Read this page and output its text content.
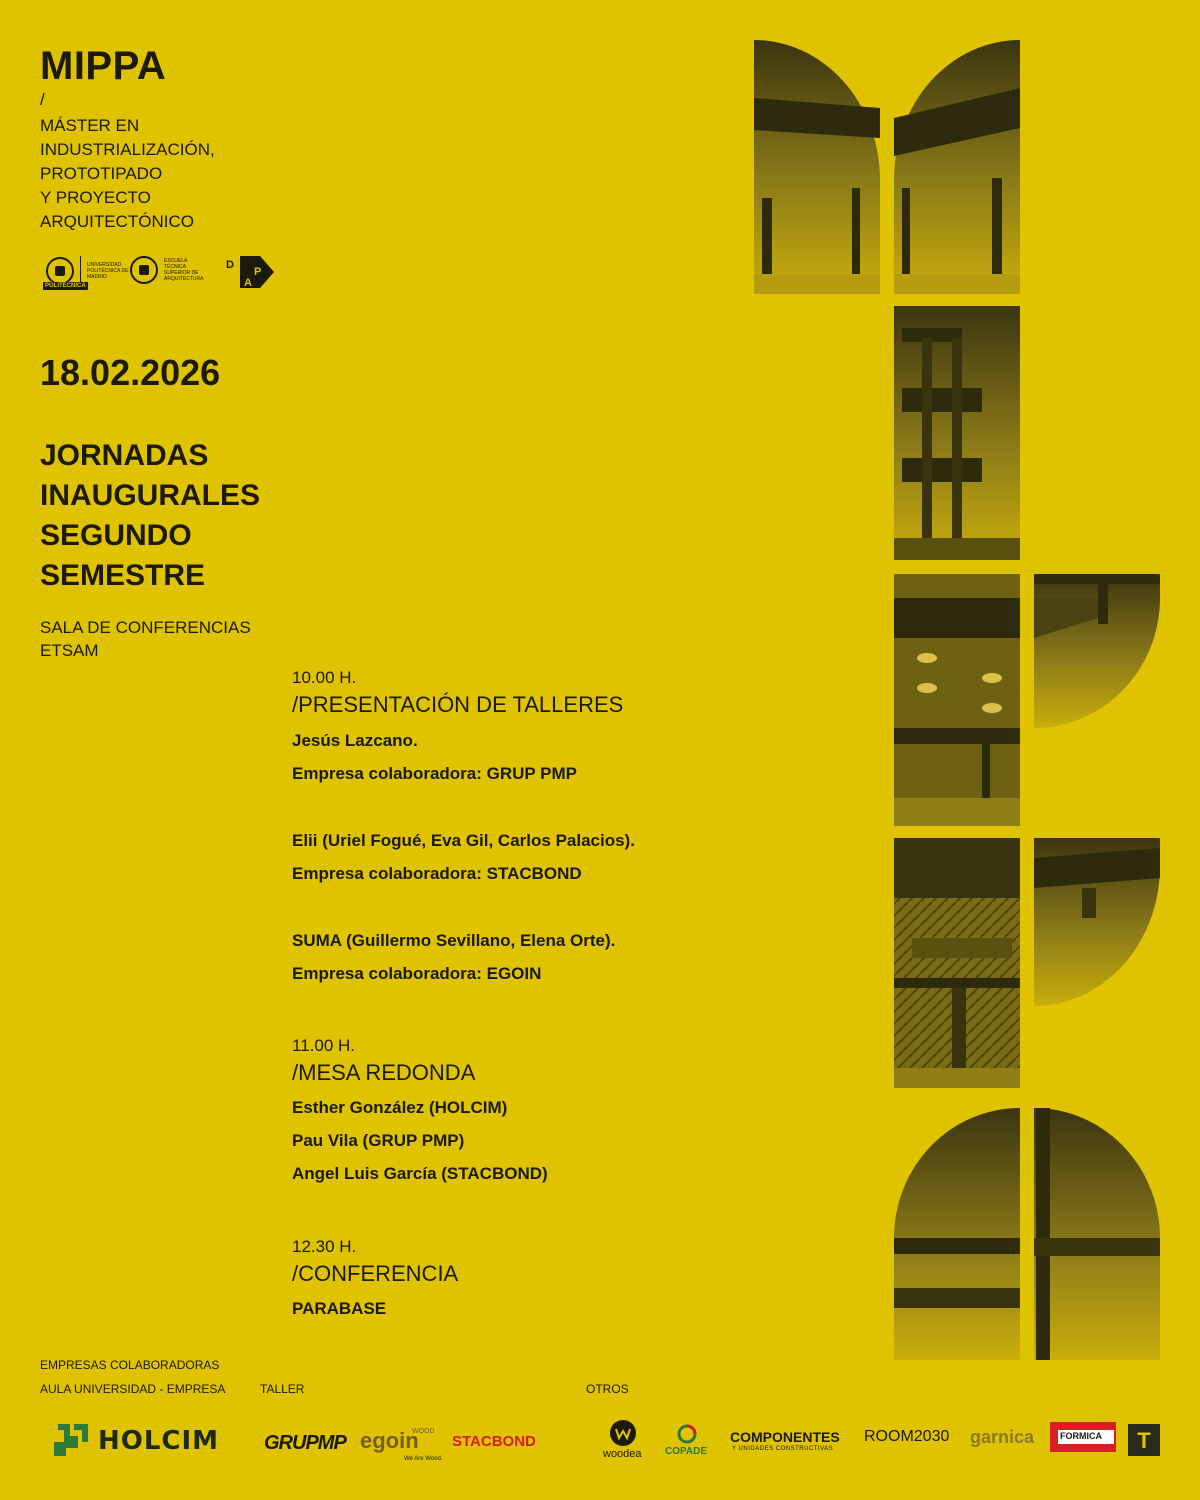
MIPPA
/
MÁSTER EN
INDUSTRIALIZACIÓN,
PROTOTIPADO
Y PROYECTO
ARQUITECTÓNICO
POLITÉCNICA
UNIVERSIDAD POLITÉCNICA DE MADRID
ESCUELA TÉCNICA SUPERIOR DE ARQUITECTURA
D
P
A
18.02.2026
JORNADAS
INAUGURALES
SEGUNDO
SEMESTRE
SALA DE CONFERENCIAS
ETSAM
10.00 H.
/PRESENTACIÓN DE TALLERES
Jesús Lazcano.
Empresa colaboradora: GRUP PMP
Elii (Uriel Fogué, Eva Gil, Carlos Palacios).
Empresa colaboradora: STACBOND
SUMA (Guillermo Sevillano, Elena Orte).
Empresa colaboradora: EGOIN
11.00 H.
/MESA REDONDA
Esther González (HOLCIM)
Pau Vila (GRUP PMP)
Angel Luis García (STACBOND)
12.30 H.
/CONFERENCIA
PARABASE
EMPRESAS COLABORADORAS
AULA UNIVERSIDAD - EMPRESA	TALLER	OTROS
HOLCIM GRUPMP egoin
WOOD
We Are Wood.
STACBOND
woodea COPADE
COMPONENTES
Y UNIDADES CONSTRUCTIVAS
ROOM2030 garnica	FORMICA T
